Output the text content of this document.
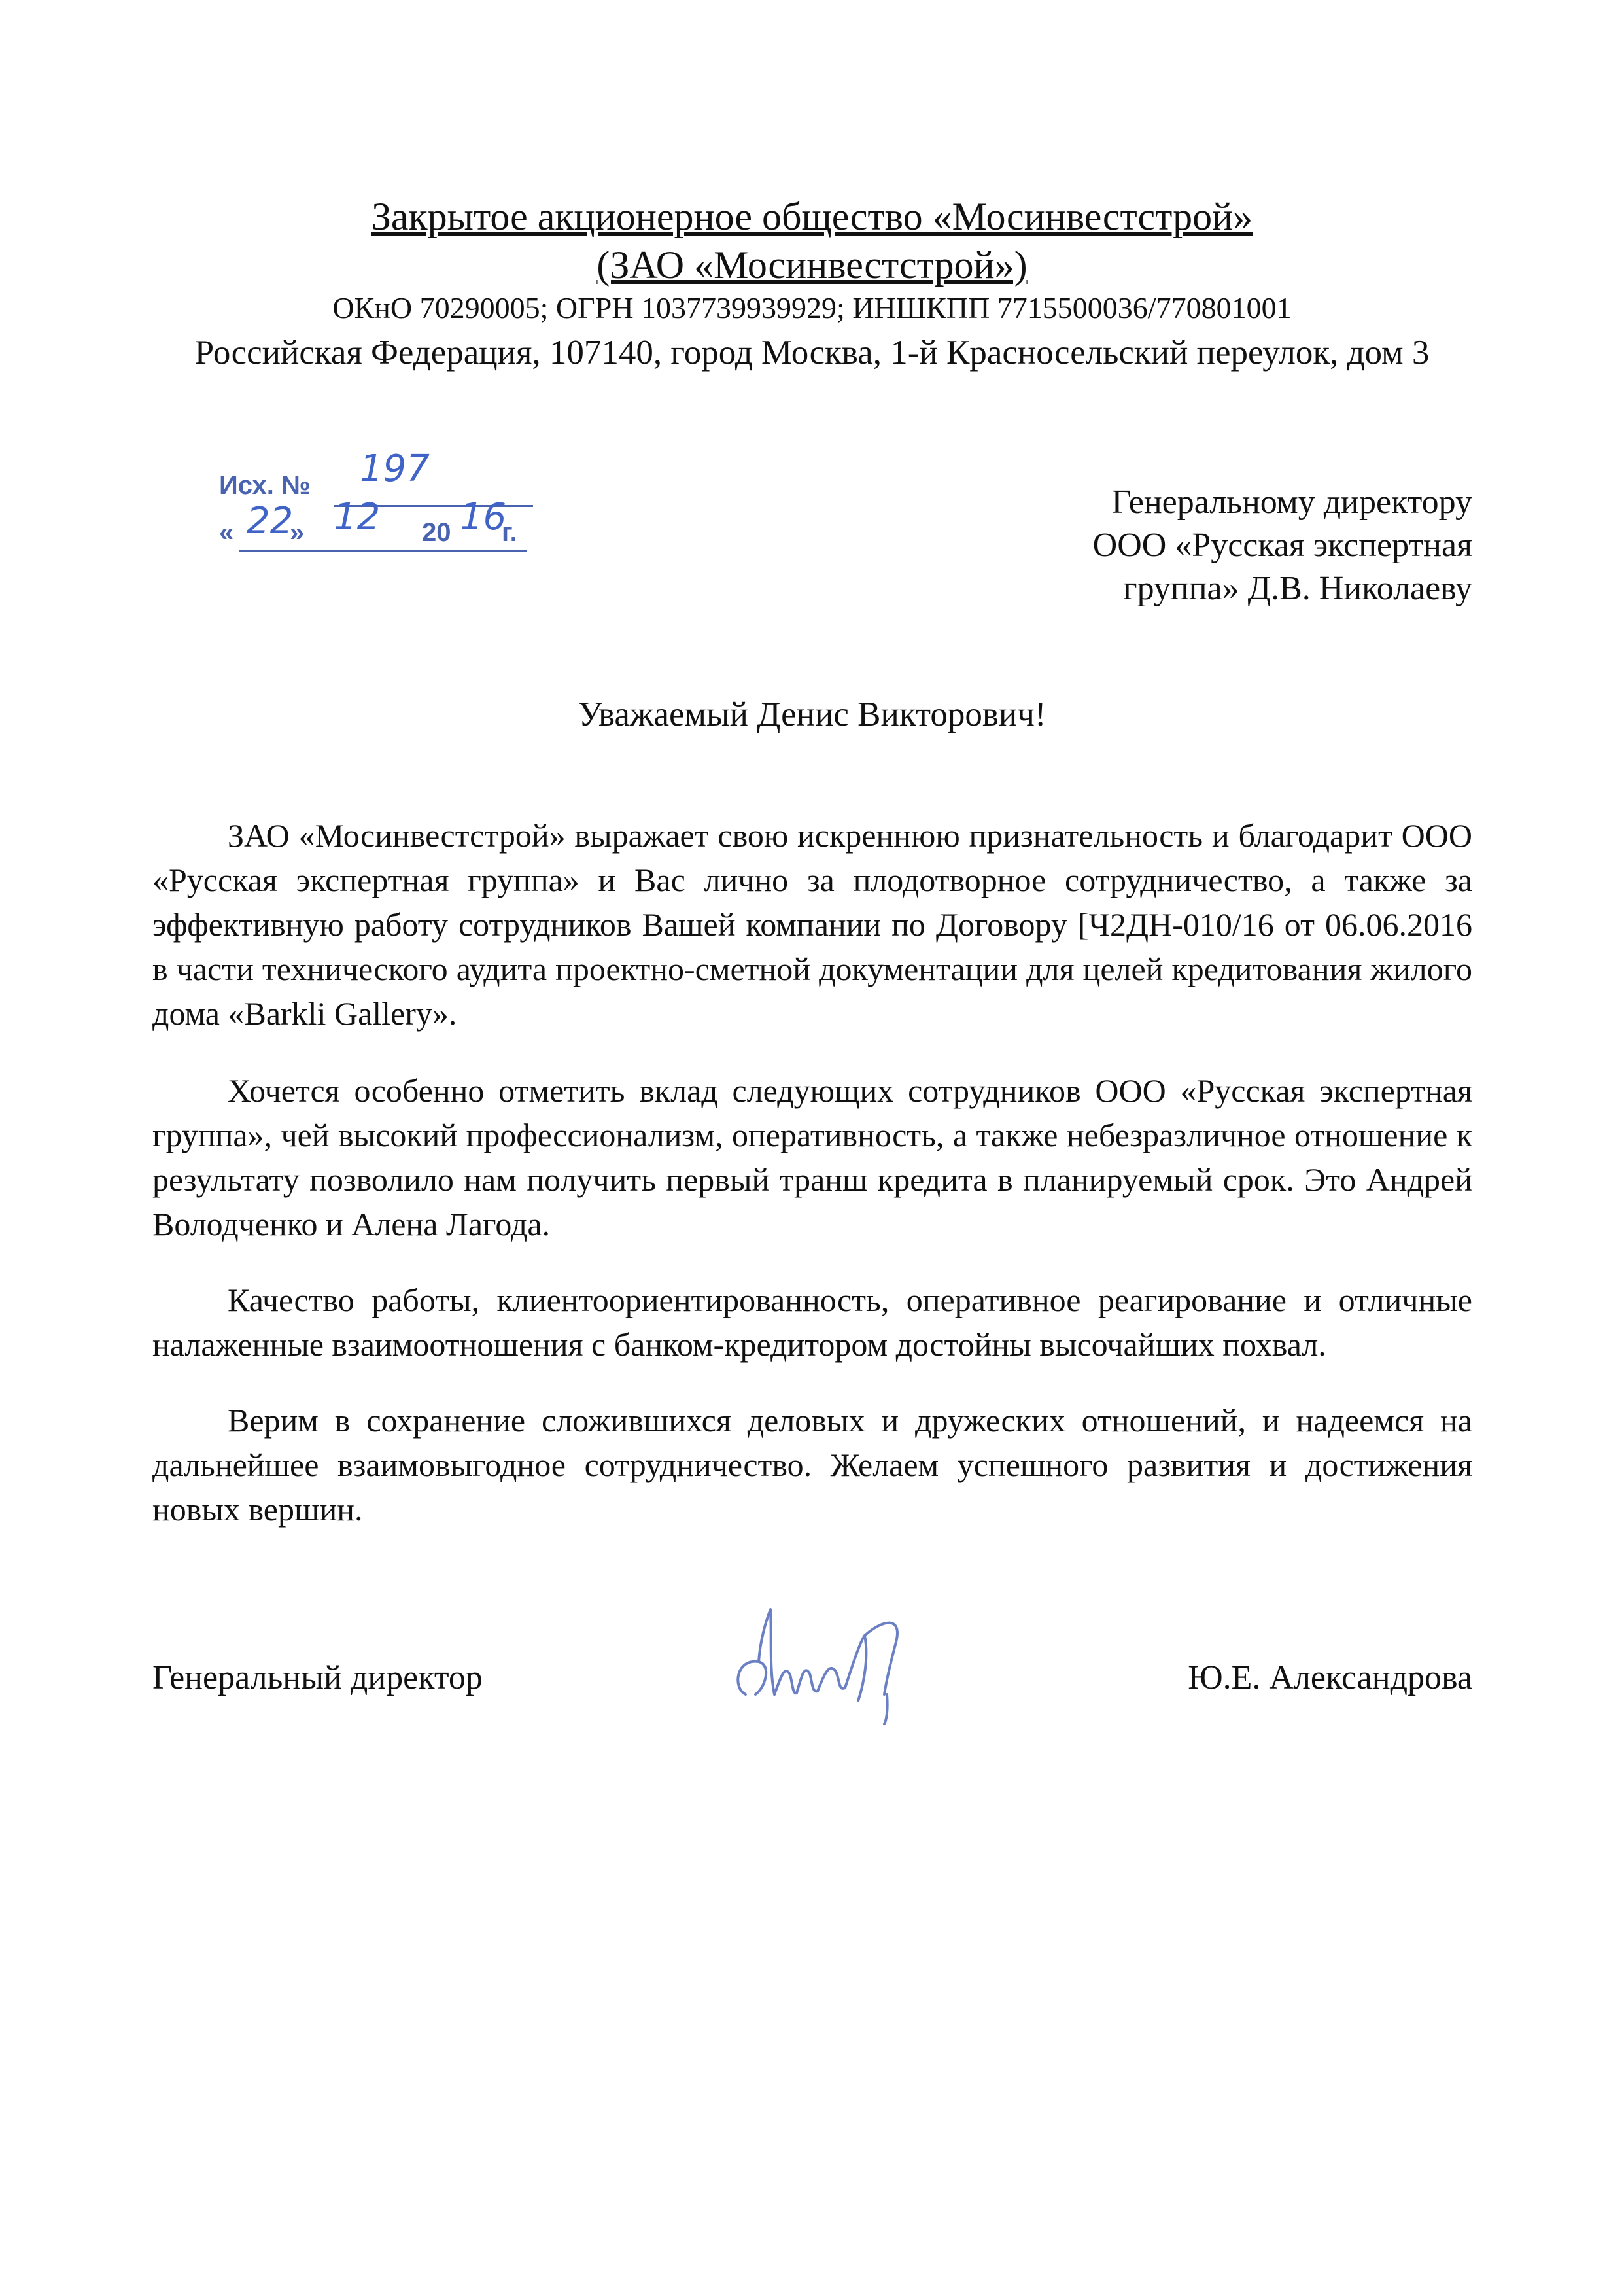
Закрытое акционерное общество «Мосинвестстрой»
(ЗАО «Мосинвестстрой»)
ОКнО 70290005; ОГРН 1037739939929; ИНШКПП 7715500036/770801001
Российская Федерация, 107140, город Москва, 1-й Красносельский переулок, дом 3
Исх. № 197
« 22
» 12 20 16
г.
Генеральному директору
ООО «Русская экспертная
группа» Д.В. Николаеву
Уважаемый Денис Викторович!

ЗАО «Мосинвестстрой» выражает свою искреннюю признательность и благодарит ООО «Русская экспертная группа» и Вас лично за плодотворное сотрудничество, а также за эффективную работу сотрудников Вашей компании по Договору [Ч2ДН-010/16 от 06.06.2016 в части технического аудита проектно-сметной документации для целей кредитования жилого дома «Barkli Gallery».

Хочется особенно отметить вклад следующих сотрудников ООО «Русская экспертная группа», чей высокий профессионализм, оперативность, а также небезразличное отношение к результату позволило нам получить первый транш кредита в планируемый срок. Это Андрей Володченко и Алена Лагода.

Качество работы, клиентоориентированность, оперативное реагирование и отличные налаженные взаимоотношения с банком-кредитором достойны высочайших похвал.

Верим в сохранение сложившихся деловых и дружеских отношений, и надеемся на дальнейшее взаимовыгодное сотрудничество. Желаем успешного развития и достижения новых вершин.

Генеральный директор	Ю.Е. Александрова
